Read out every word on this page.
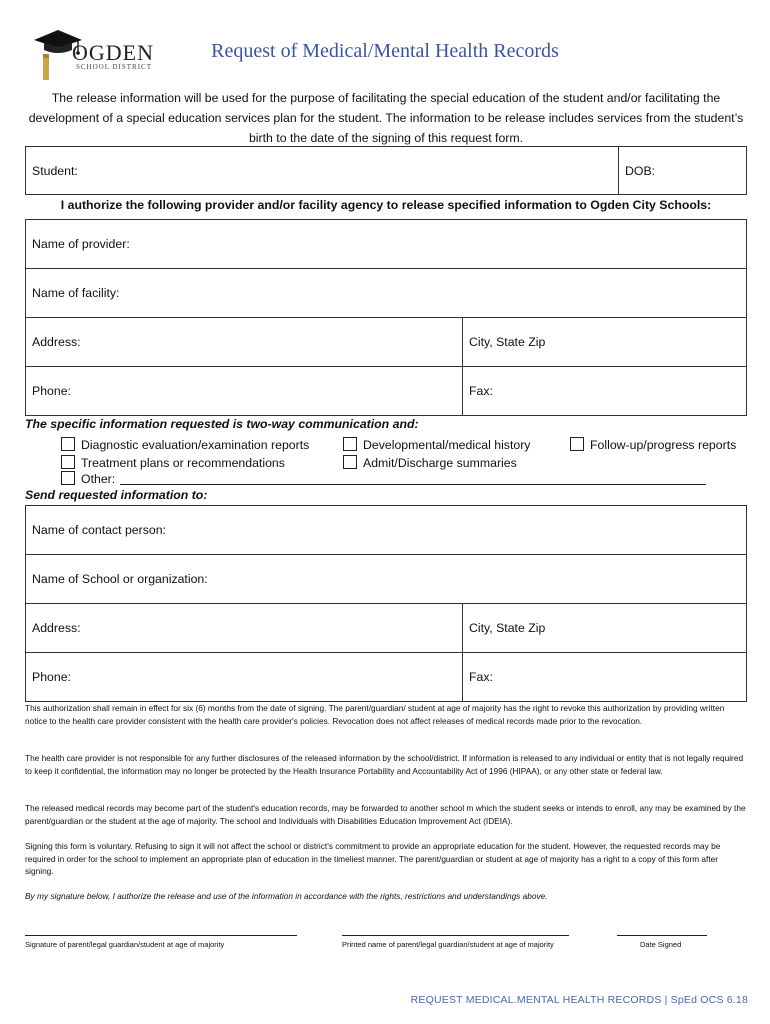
OGDEN
SCHOOL DISTRICT
Request of Medical/Mental Health Records
The release information will be used for the purpose of facilitating the special education of the student and/or facilitating the development of a special education services plan for the student. The information to be release includes services from the student’s birth to the date of the signing of this request form.
Student:	DOB:
I authorize the following provider and/or facility agency to release specified information to Ogden City Schools:
Name of provider:	
Name of facility:	
Address:	City, State Zip
Phone:	Fax:
The specific information requested is two-way communication and:
Diagnostic evaluation/examination reports	Developmental/medical history	Follow-up/progress reports
Treatment plans or recommendations	Admit/Discharge summaries
Other:
Send requested information to:
Name of contact person:	
Name of School or organization:	
Address:	City, State Zip
Phone:	Fax:
This authorization shall remain in effect for six (6) months from the date of signing. The parent/guardian/ student at age of majority has the right to revoke this authorization by providing written notice to the health care provider consistent with the health care provider's policies. Revocation does not affect releases of medical records made prior to the revocation.
The health care provider is not responsible for any further disclosures of the released information by the school/district. If information is released to any individual or entity that is not legally required to keep it confidential, the information may no longer be protected by the Health Insurance Portability and Accountability Act of 1996 (HIPAA), or any other state or federal law.
The released medical records may become part of the student's education records, may be forwarded to another school m which the student seeks or intends to enroll, any may be examined by the parent/guardian or the student at the age of majority. The school and Individuals with Disabilities Education Improvement Act (IDEIA).
Signing this form is voluntary. Refusing to sign it will not affect the school or district's commitment to provide an appropriate education for the student. However, the requested records may be required in order for the school to implement an appropriate plan of education in the timeliest manner. The parent/guardian or student at age of majority has a right to a copy of this form after signing.
By my signature below, I authorize the release and use of the information in accordance with the rights, restrictions and understandings above.
Signature of parent/legal guardian/student at age of majority	Printed name of parent/legal guardian/student at age of majority	Date Signed
REQUEST MEDICAL.MENTAL HEALTH RECORDS | SpEd OCS 6.18
